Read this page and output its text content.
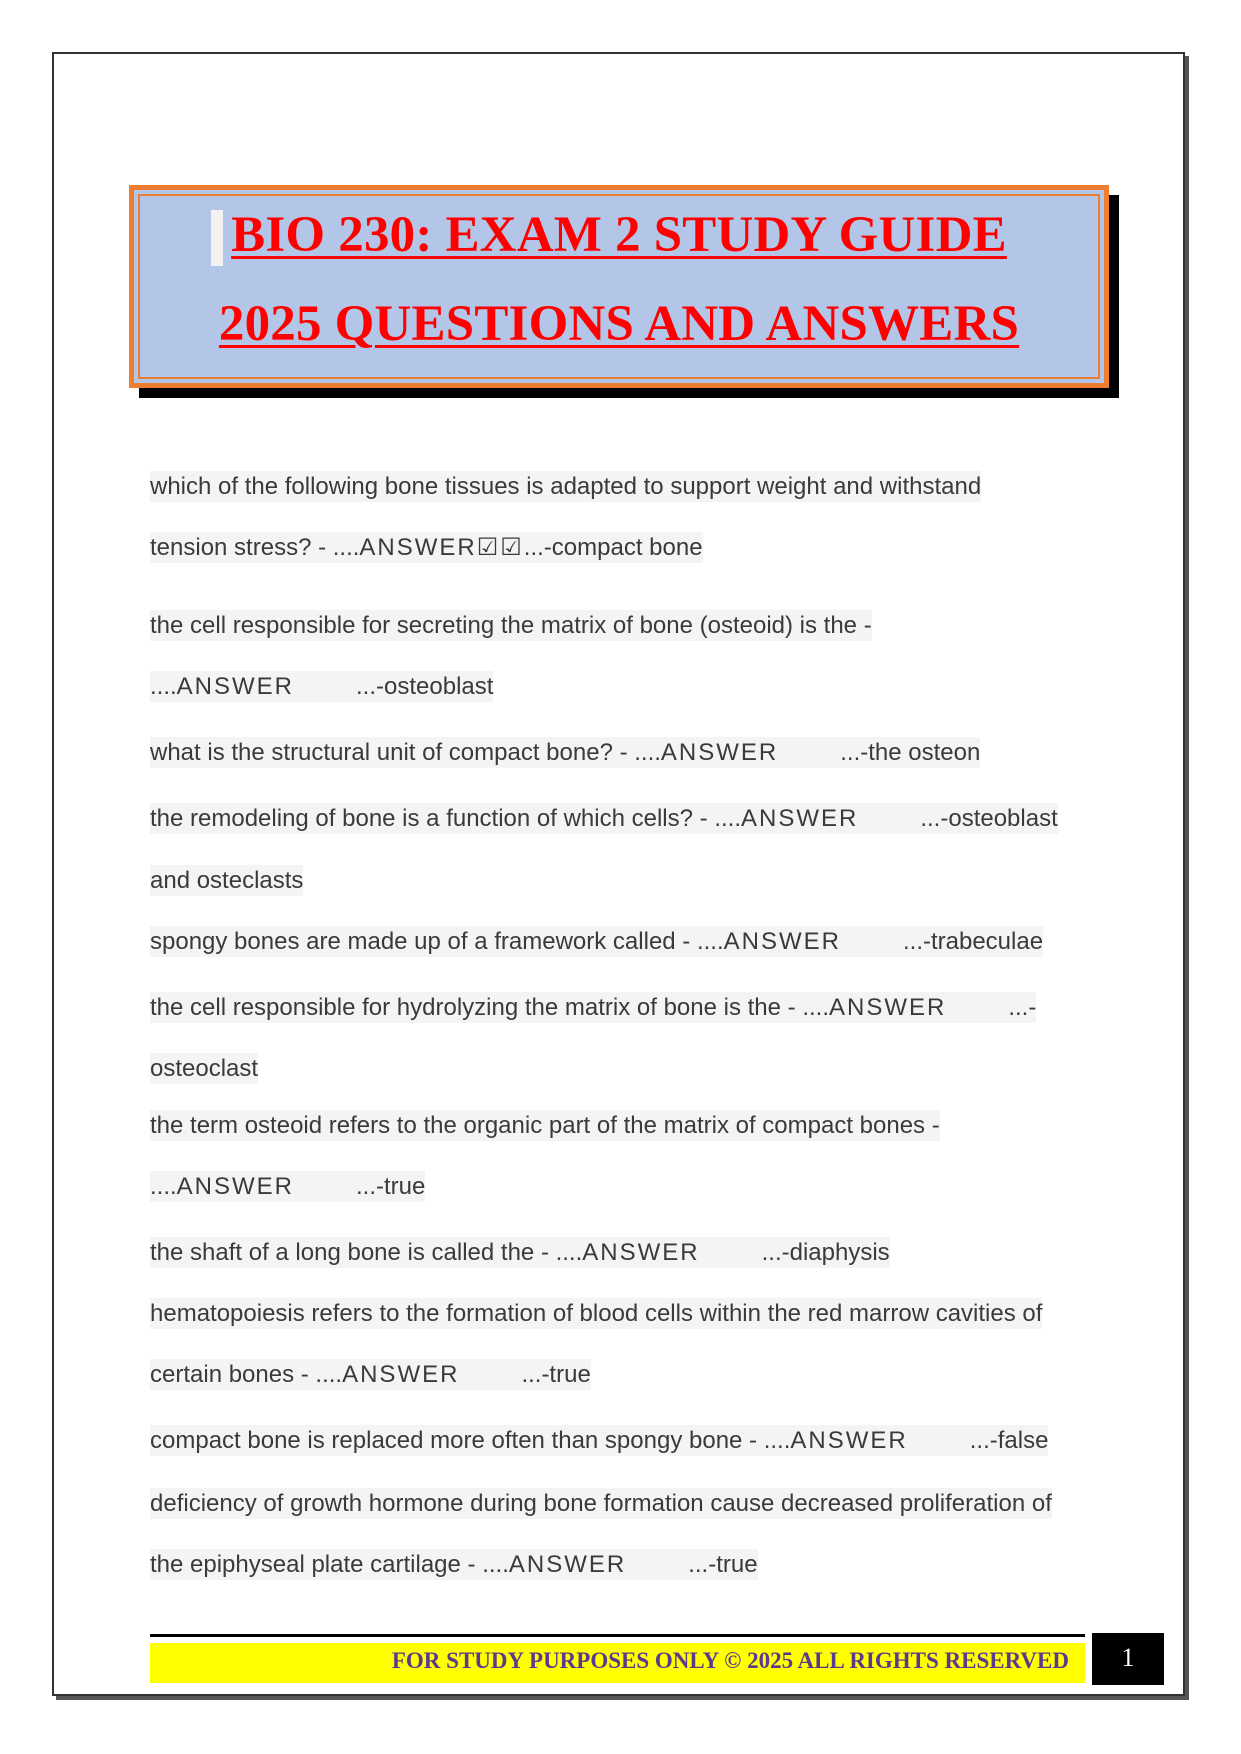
BIO 230: EXAM 2 STUDY GUIDE
2025 QUESTIONS AND ANSWERS
which of the following bone tissues is adapted to support weight and withstand
tension stress? - ....ANSWER☑☑...-compact bone
the cell responsible for secreting the matrix of bone (osteoid) is the -
....ANSWER	...-osteoblast
what is the structural unit of compact bone? - ....ANSWER	...-the osteon
the remodeling of bone is a function of which cells? - ....ANSWER	...-osteoblast
and osteclasts
spongy bones are made up of a framework called - ....ANSWER	...-trabeculae
the cell responsible for hydrolyzing the matrix of bone is the - ....ANSWER	...-
osteoclast
the term osteoid refers to the organic part of the matrix of compact bones -
....ANSWER	...-true
the shaft of a long bone is called the - ....ANSWER	...-diaphysis
hematopoiesis refers to the formation of blood cells within the red marrow cavities of
certain bones - ....ANSWER	...-true
compact bone is replaced more often than spongy bone - ....ANSWER	...-false
deficiency of growth hormone during bone formation cause decreased proliferation of
the epiphyseal plate cartilage - ....ANSWER	...-true
FOR STUDY PURPOSES ONLY © 2025 ALL RIGHTS RESERVED	1
